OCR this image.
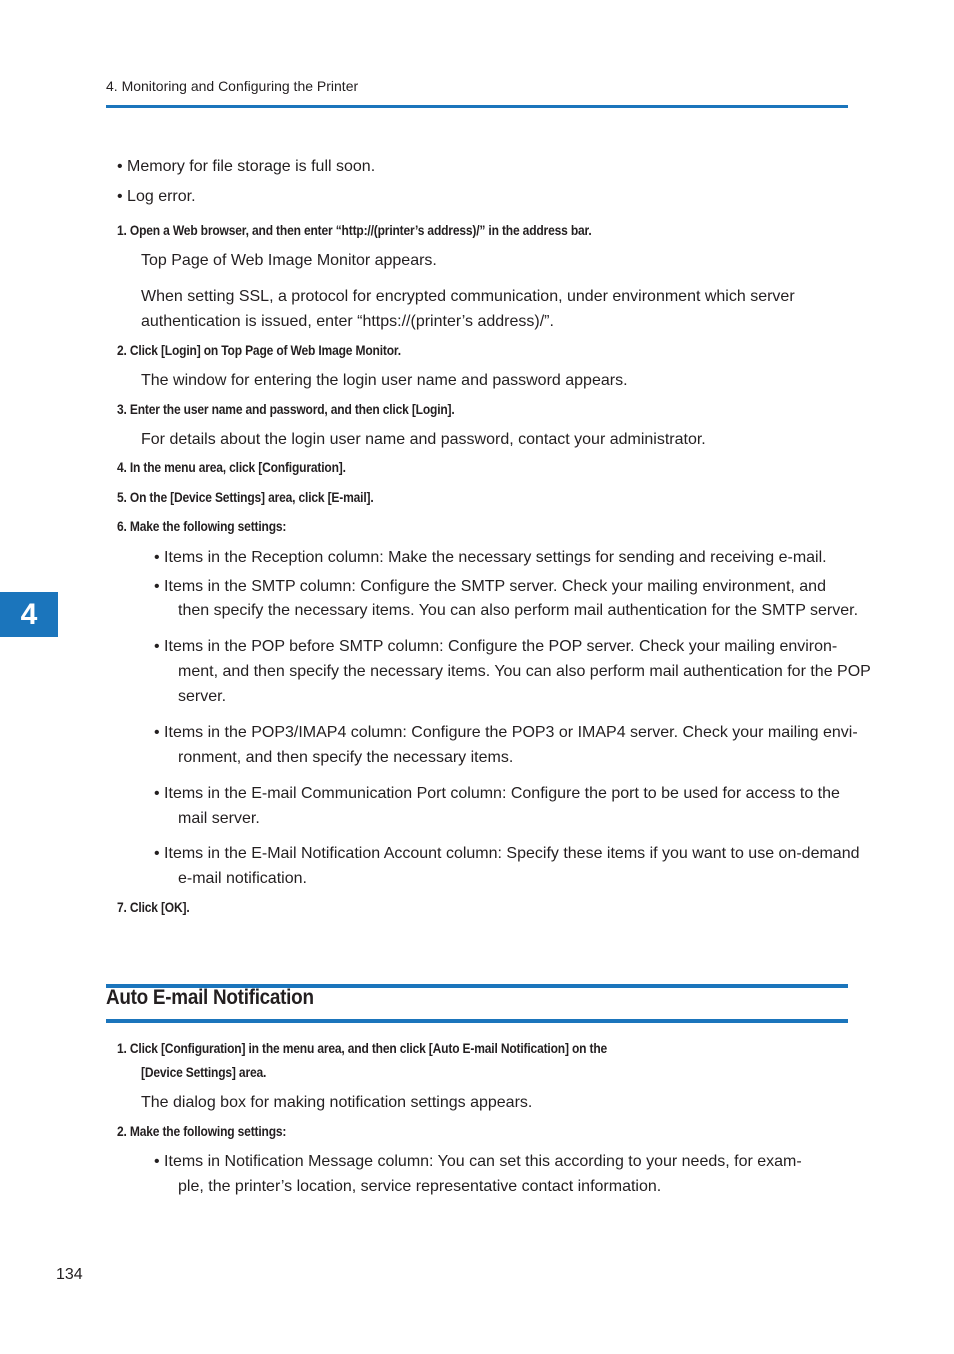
4. Monitoring and Configuring the Printer
4
• Memory for file storage is full soon.
• Log error.
1. Open a Web browser, and then enter “http://(printer’s address)/” in the address bar.
Top Page of Web Image Monitor appears.
When setting SSL, a protocol for encrypted communication, under environment which server
authentication is issued, enter “https://(printer’s address)/”.
2. Click [Login] on Top Page of Web Image Monitor.
The window for entering the login user name and password appears.
3. Enter the user name and password, and then click [Login].
For details about the login user name and password, contact your administrator.
4. In the menu area, click [Configuration].
5. On the [Device Settings] area, click [E-mail].
6. Make the following settings:
• Items in the Reception column: Make the necessary settings for sending and receiving e-mail.
• Items in the SMTP column: Configure the SMTP server. Check your mailing environment, and
then specify the necessary items. You can also perform mail authentication for the SMTP server.
• Items in the POP before SMTP column: Configure the POP server. Check your mailing environ-
ment, and then specify the necessary items. You can also perform mail authentication for the POP
server.
• Items in the POP3/IMAP4 column: Configure the POP3 or IMAP4 server. Check your mailing envi-
ronment, and then specify the necessary items.
• Items in the E-mail Communication Port column: Configure the port to be used for access to the
mail server.
• Items in the E-Mail Notification Account column: Specify these items if you want to use on-demand
e-mail notification.
7. Click [OK].
Auto E-mail Notification
1. Click [Configuration] in the menu area, and then click [Auto E-mail Notification] on the
[Device Settings] area.
The dialog box for making notification settings appears.
2. Make the following settings:
• Items in Notification Message column: You can set this according to your needs, for exam-
ple, the printer’s location, service representative contact information.
134
